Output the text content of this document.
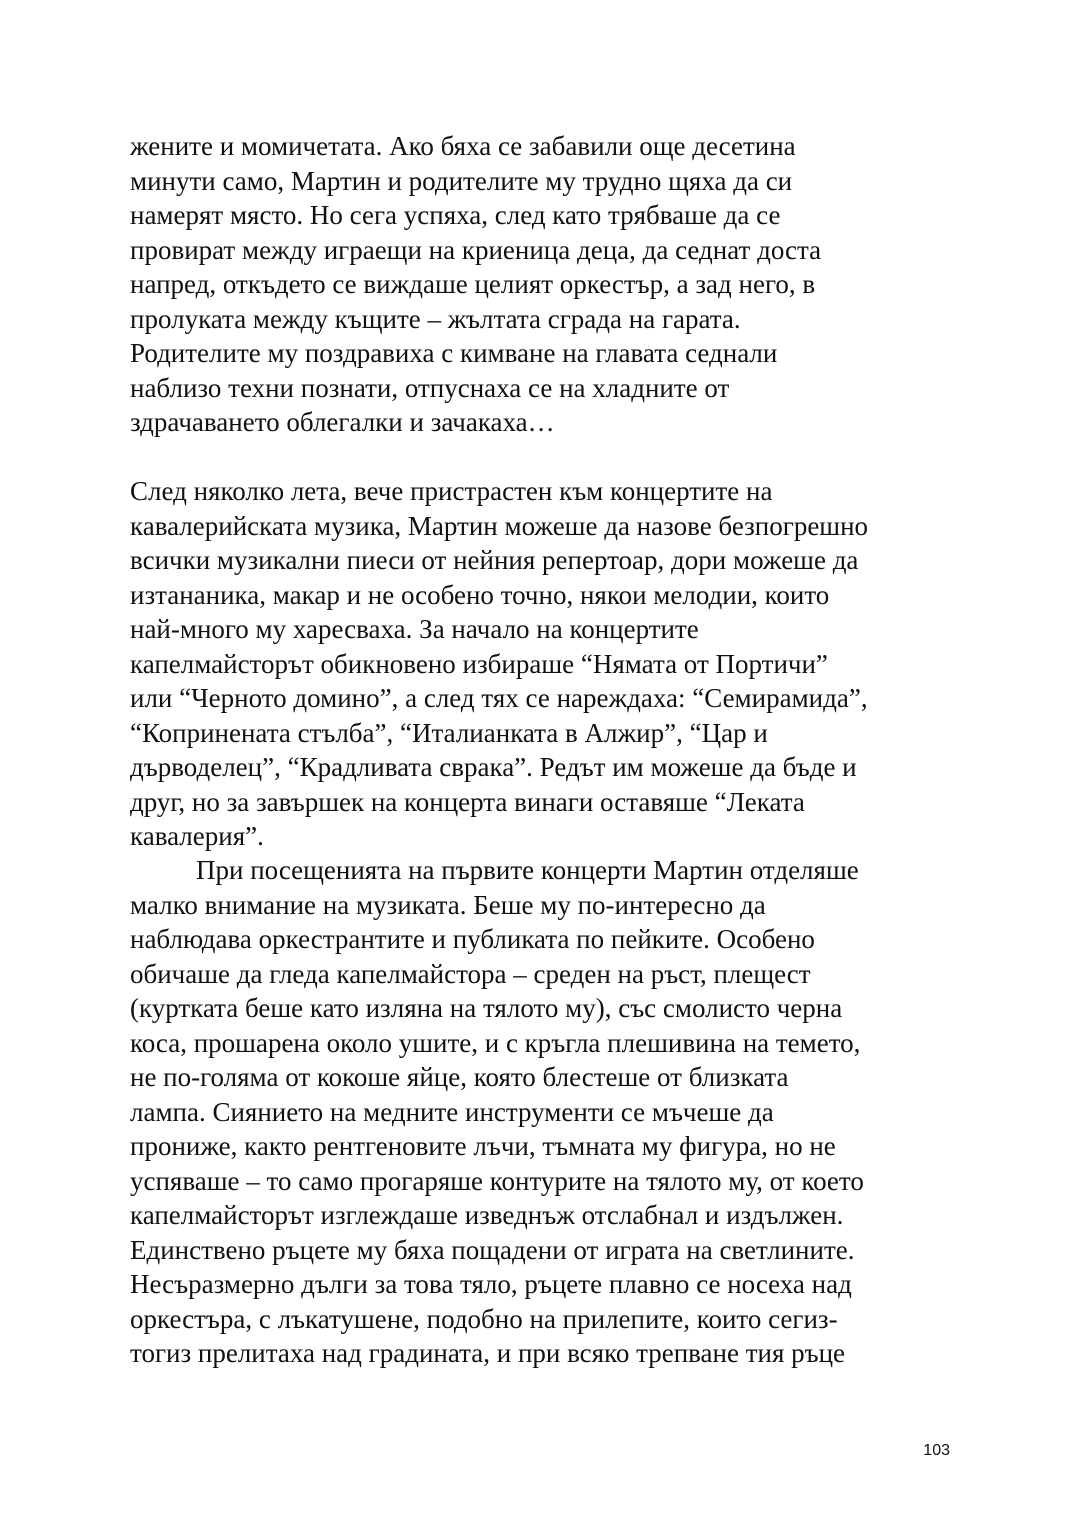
жените и момичетата. Ако бяха се забавили още десетина
минути само, Мартин и родителите му трудно щяха да си
намерят място. Но сега успяха, след като трябваше да се
провират между играещи на криеница деца, да седнат доста
напред, откъдето се виждаше целият оркестър, а зад него, в
пролуката между къщите – жълтата сграда на гарата.
Родителите му поздравиха с кимване на главата седнали
наблизо техни познати, отпуснаха се на хладните от
здрачаването облегалки и зачакаха…
След няколко лета, вече пристрастен към концертите на
кавалерийската музика, Мартин можеше да назове безпогрешно
всички музикални пиеси от нейния репертоар, дори можеше да
изтананика, макар и не особено точно, някои мелодии, които
най-много му харесваха. За начало на концертите
капелмайсторът обикновено избираше “Нямата от Портичи”
или “Черното домино”, а след тях се нареждаха: “Семирамида”,
“Копринената стълба”, “Италианката в Алжир”, “Цар и
дърводелец”, “Крадливата сврака”. Редът им можеше да бъде и
друг, но за завършек на концерта винаги оставяше “Леката
кавалерия”.
При посещенията на първите концерти Мартин отделяше
малко внимание на музиката. Беше му по-интересно да
наблюдава оркестрантите и публиката по пейките. Особено
обичаше да гледа капелмайстора – среден на ръст, плещест
(куртката беше като изляна на тялото му), със смолисто черна
коса, прошарена около ушите, и с кръгла плешивина на темето,
не по-голяма от кокоше яйце, която блестеше от близката
лампа. Сиянието на медните инструменти се мъчеше да
прониже, както рентгеновите лъчи, тъмната му фигура, но не
успяваше – то само прогаряше контурите на тялото му, от което
капелмайсторът изглеждаше изведнъж отслабнал и издължен.
Единствено ръцете му бяха пощадени от играта на светлините.
Несъразмерно дълги за това тяло, ръцете плавно се носеха над
оркестъра, с лъкатушене, подобно на прилепите, които сегиз-
тогиз прелитаха над градината, и при всяко трепване тия ръце
103
